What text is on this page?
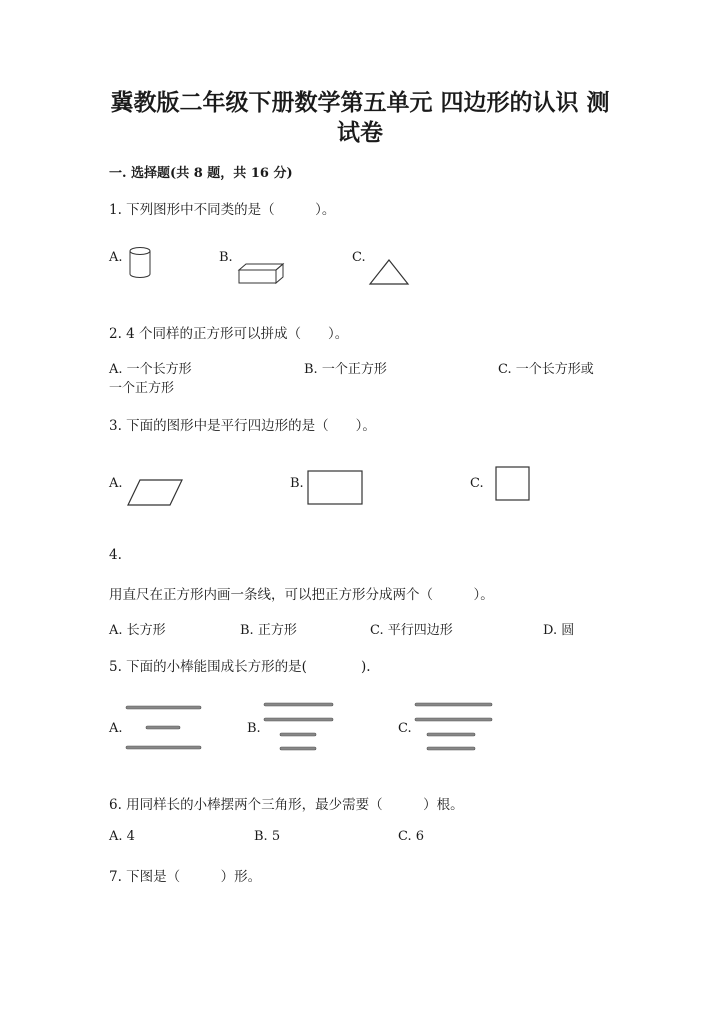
冀教版二年级下册数学第五单元 四边形的认识 测
试卷
一. 选择题(共 8 题，共 16 分)
1. 下列图形中不同类的是（　　　）。
A.	B.	C.
2. 4 个同样的正方形可以拼成（　　）。
A. 一个长方形	B. 一个正方形	C. 一个长方形或
一个正方形
3. 下面的图形中是平行四边形的是（　　）。
A.	B.	C.
4.
用直尺在正方形内画一条线，可以把正方形分成两个（　　　）。
A. 长方形	B. 正方形	C. 平行四边形	D. 圆
5. 下面的小棒能围成长方形的是(　　　　).
A.	B.	C.
6. 用同样长的小棒摆两个三角形，最少需要（　　　）根。
A. 4	B. 5	C. 6
7. 下图是（　　　）形。
